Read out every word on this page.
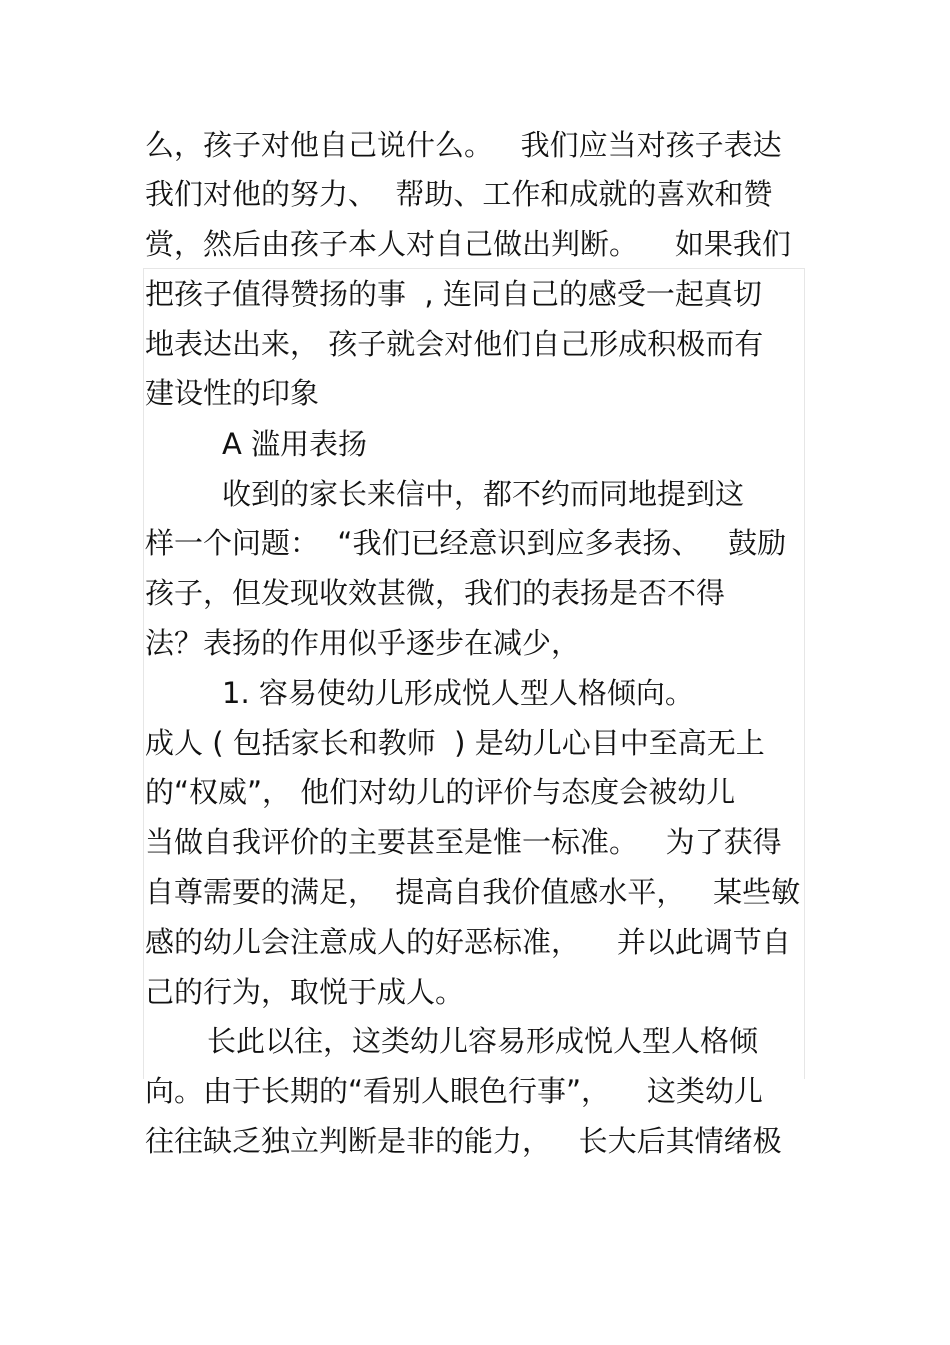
么，孩子对他自己说什么。   我们应当对孩子表达
我们对他的努力、  帮助、工作和成就的喜欢和赞
赏，然后由孩子本人对自己做出判断。    如果我们
把孩子值得赞扬的事  , 连同自己的感受一起真切
地表达出来， 孩子就会对他们自己形成积极而有
建设性的印象
A 滥用表扬
收到的家长来信中，都不约而同地提到这
样一个问题：  “我们已经意识到应多表扬、   鼓励
孩子，但发现收效甚微，我们的表扬是否不得
法？表扬的作用似乎逐步在减少，
1. 容易使幼儿形成悦人型人格倾向。
成人 ( 包括家长和教师  ) 是幼儿心目中至高无上
的“权威”， 他们对幼儿的评价与态度会被幼儿
当做自我评价的主要甚至是惟一标准。   为了获得
自尊需要的满足，  提高自我价值感水平，   某些敏
感的幼儿会注意成人的好恶标准，    并以此调节自
己的行为，取悦于成人。
长此以往，这类幼儿容易形成悦人型人格倾
向。由于长期的“看别人眼色行事”，    这类幼儿
往往缺乏独立判断是非的能力，   长大后其情绪极
